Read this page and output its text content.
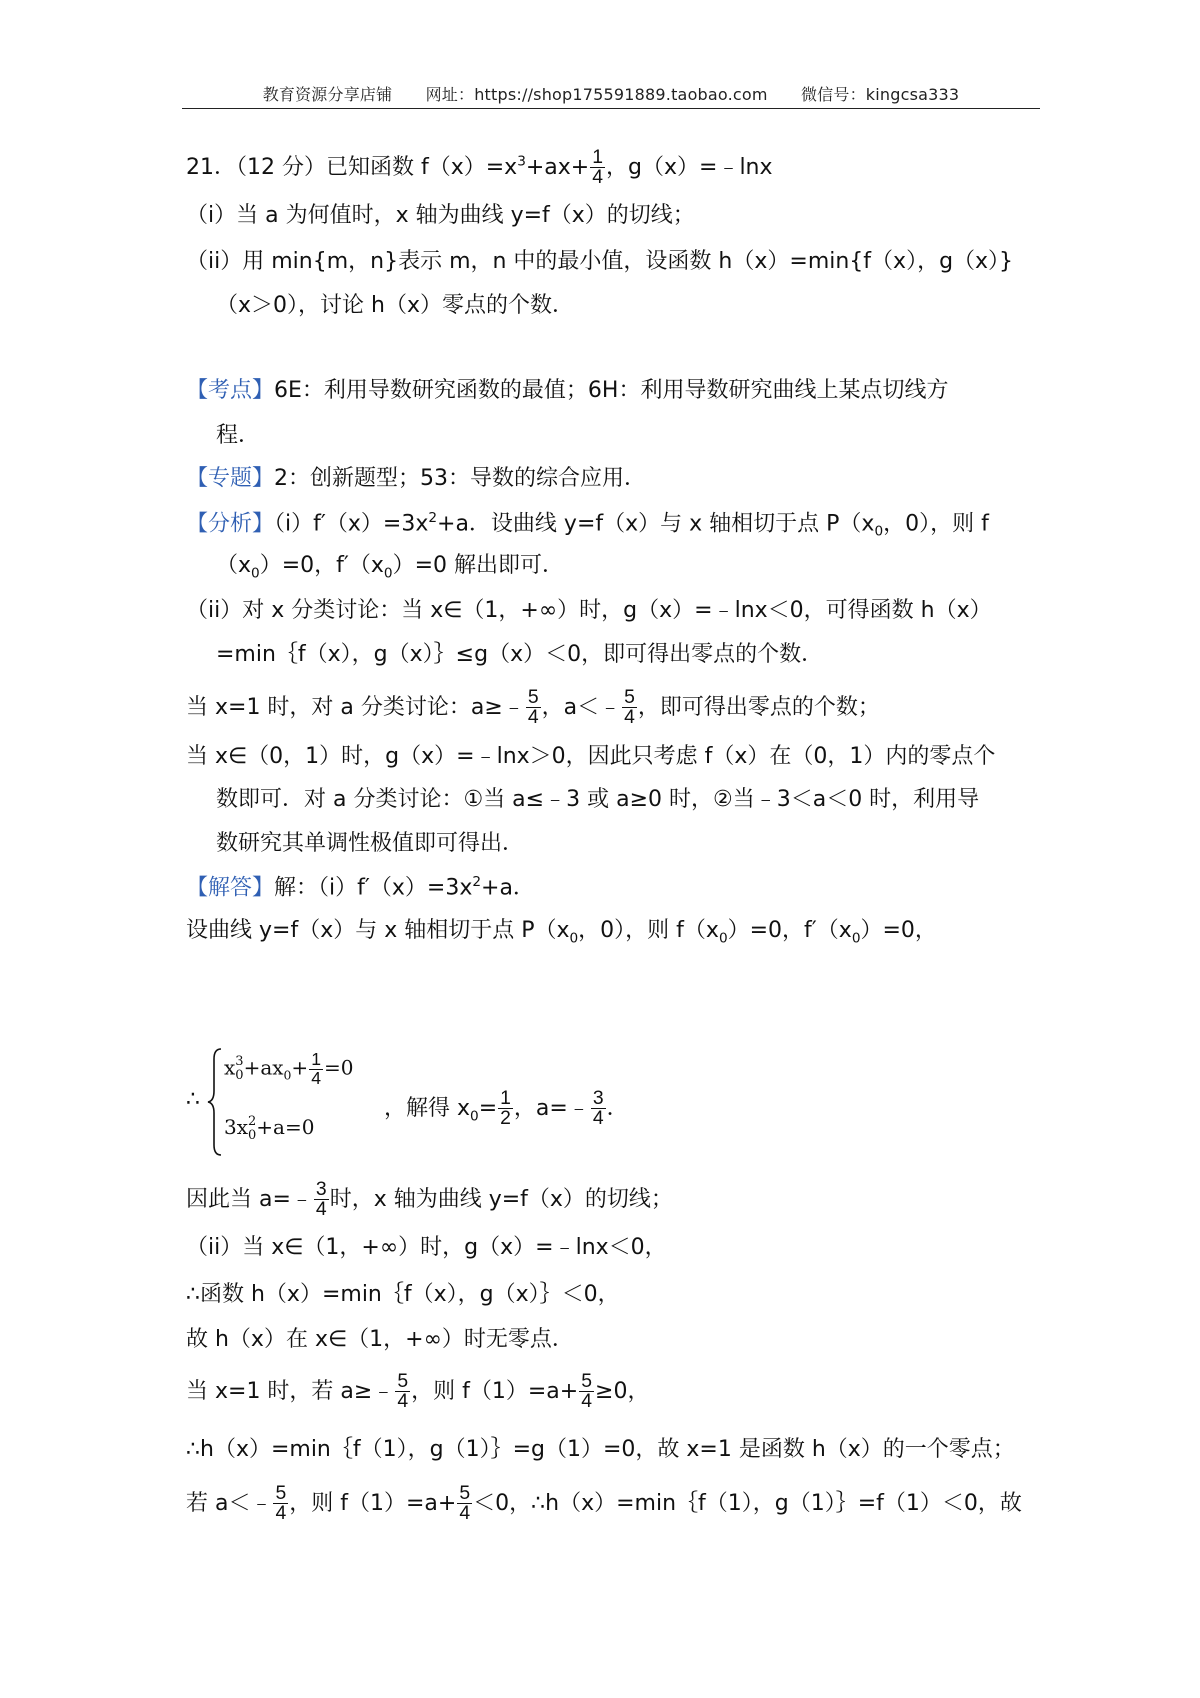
教育资源分享店铺 网址：https://shop175591889.taobao.com 微信号：kingcsa333
21．（12 分）已知函数 $f(x)=x^3+ax+ \frac{1}{4}$ ，g（x）=﹣lnx
（i）当 a 为何值时，x 轴为曲线 y=f（x）的切线；
（ii）用 min{m，n}表示 m，n 中的最小值，设函数 h（x）=min{f（x），g（x）}
（x＞0），讨论 h（x）零点的个数．
【考点】6E：利用导数研究函数的最值；6H：利用导数研究曲线上某点切线方
程．
【专题】2：创新题型；53：导数的综合应用．
【分析】$(i)f'(x)=3x^2+a$．设曲线 y=f（x）与 x 轴相切于点 $P(x_0$，0），则 f
$(x_0)=0$，$f'(x_0)=0$ 解出即可．
（ii）对 x 分类讨论：当 x∈（1，+∞）时，g（x）=﹣lnx＜0，可得函数 h（x）
=min｛f（x），g（x）｝≤g（x）＜0，即可得出零点的个数．
当 x=1 时，对 a 分类讨论：a≥﹣ $\frac{5}{4}$ ，a＜﹣ $\frac{5}{4}$ ，即可得出零点的个数；
当 x∈（0，1）时，g（x）=﹣lnx＞0，因此只考虑 f（x）在（0，1）内的零点个
数即可．对 a 分类讨论：①当 a≤﹣3 或 a≥0 时，②当﹣3＜a＜0 时，利用导
数研究其单调性极值即可得出．
【解答】解：$(i)f'(x)=3x^2+a$．
设曲线 y=f（x）与 x 轴相切于点 $P(x_0$，0），则 $f(x_0)=0$，$f'(x_0)=0$，
∴
x 3
$0 +ax_0+ \frac{1}{4} =0$
3x 2
0 +a=0
，解得 $x_0= \frac{1}{2}$ ，a=﹣ $\frac{3}{4}$ ．
因此当 a=﹣ $\frac{3}{4}$ 时，x 轴为曲线 y=f（x）的切线；
（ii）当 x∈（1，+∞）时，g（x）=﹣lnx＜0，
∴函数 h（x）=min｛f（x），g（x）｝＜0，
故 h（x）在 x∈（1，+∞）时无零点．
当 x=1 时，若 a≥﹣ $\frac{5}{4}$ ，则 $f(1)=a+ \frac{5}{4} \ge 0$，
∴h（x）=min｛f（1），g（1）｝=g（1）=0，故 x=1 是函数 h（x）的一个零点；
若 a＜﹣ $\frac{5}{4}$ ，则 $f(1)=a+ \frac{5}{4} <0$，∴h（x）=min｛f（1），g（1）｝=f（1）＜0，故
